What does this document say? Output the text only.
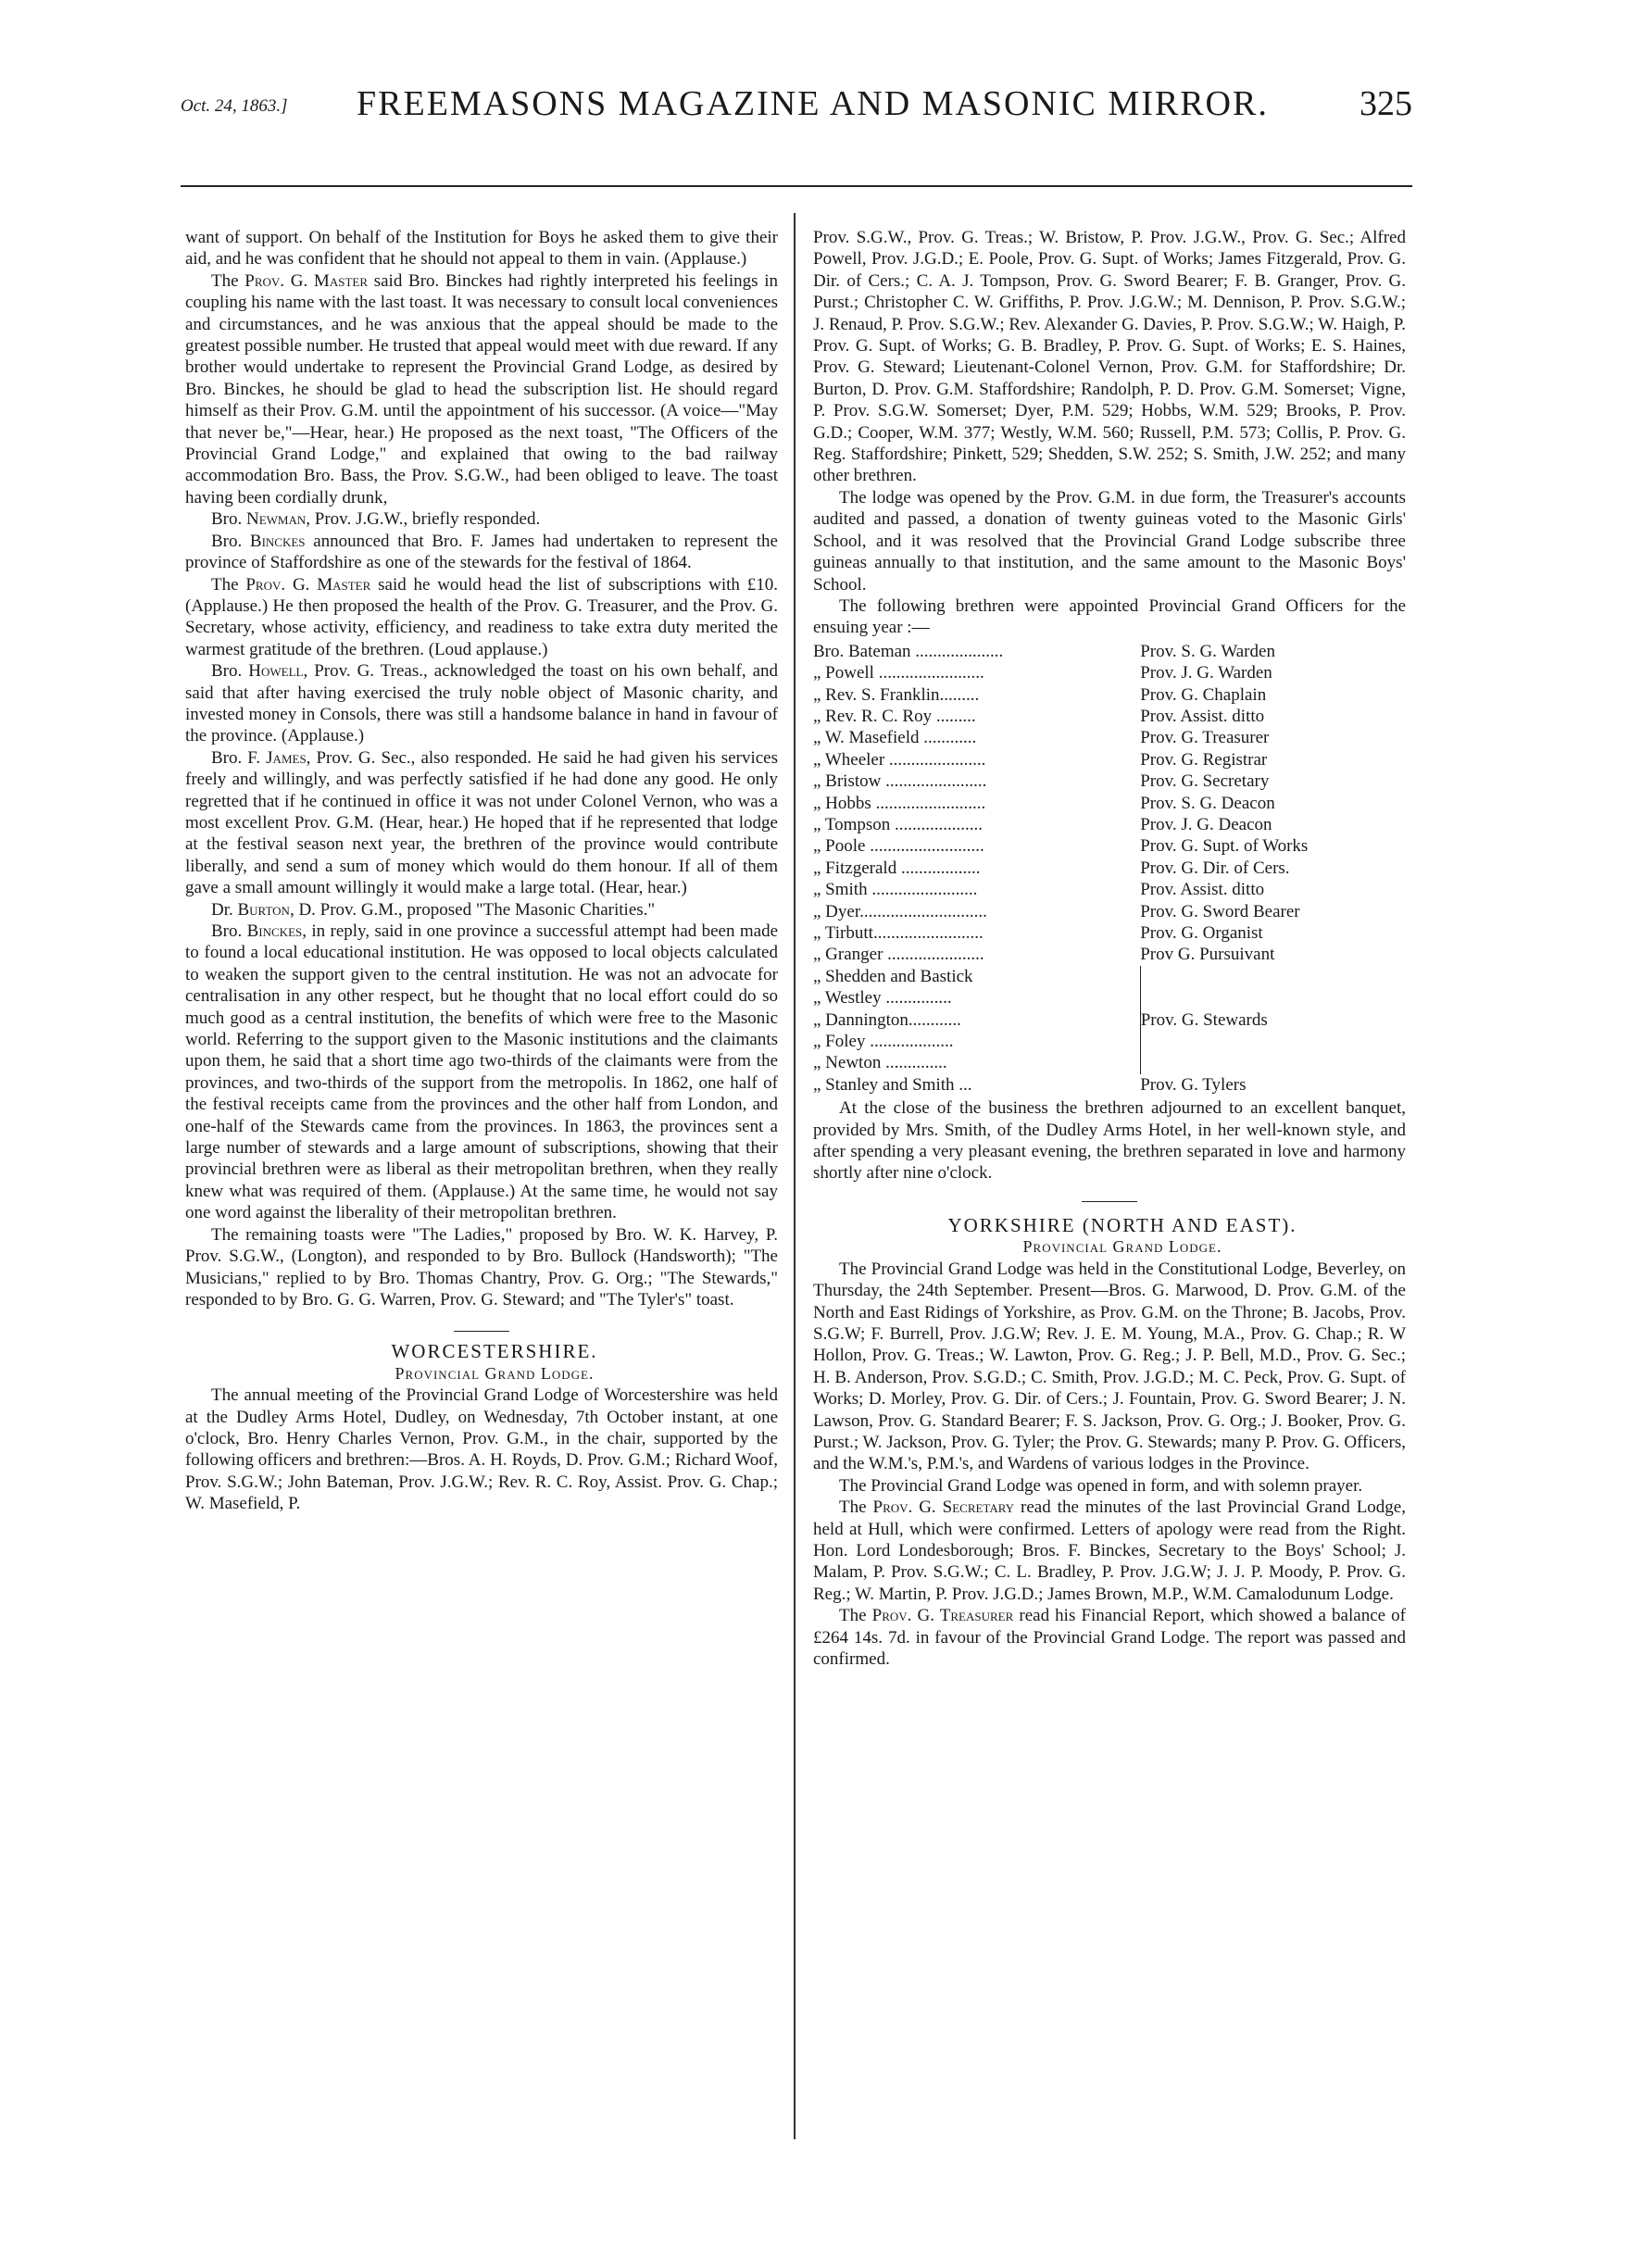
Oct. 24, 1863.] FREEMASONS MAGAZINE AND MASONIC MIRROR.	325

want of support. On behalf of the Institution for Boys he asked them to give their aid, and he was confident that he should not appeal to them in vain. (Applause.)

The Prov. G. Master said Bro. Binckes had rightly interpreted his feelings in coupling his name with the last toast. It was necessary to consult local conveniences and circumstances, and he was anxious that the appeal should be made to the greatest possible number. He trusted that appeal would meet with due reward. If any brother would undertake to represent the Provincial Grand Lodge, as desired by Bro. Binckes, he should be glad to head the subscription list. He should regard himself as their Prov. G.M. until the appointment of his successor. (A voice—"May that never be,"—Hear, hear.) He proposed as the next toast, "The Officers of the Provincial Grand Lodge," and explained that owing to the bad railway accommodation Bro. Bass, the Prov. S.G.W., had been obliged to leave. The toast having been cordially drunk,

Bro. Newman, Prov. J.G.W., briefly responded.

Bro. Binckes announced that Bro. F. James had undertaken to represent the province of Staffordshire as one of the stewards for the festival of 1864.

The Prov. G. Master said he would head the list of subscriptions with £10. (Applause.) He then proposed the health of the Prov. G. Treasurer, and the Prov. G. Secretary, whose activity, efficiency, and readiness to take extra duty merited the warmest gratitude of the brethren. (Loud applause.)

Bro. Howell, Prov. G. Treas., acknowledged the toast on his own behalf, and said that after having exercised the truly noble object of Masonic charity, and invested money in Consols, there was still a handsome balance in hand in favour of the province. (Applause.)

Bro. F. James, Prov. G. Sec., also responded. He said he had given his services freely and willingly, and was perfectly satisfied if he had done any good. He only regretted that if he continued in office it was not under Colonel Vernon, who was a most excellent Prov. G.M. (Hear, hear.) He hoped that if he represented that lodge at the festival season next year, the brethren of the province would contribute liberally, and send a sum of money which would do them honour. If all of them gave a small amount willingly it would make a large total. (Hear, hear.)

Dr. Burton, D. Prov. G.M., proposed "The Masonic Charities."

Bro. Binckes, in reply, said in one province a successful attempt had been made to found a local educational institution. He was opposed to local objects calculated to weaken the support given to the central institution. He was not an advocate for centralisation in any other respect, but he thought that no local effort could do so much good as a central institution, the benefits of which were free to the Masonic world. Referring to the support given to the Masonic institutions and the claimants upon them, he said that a short time ago two-thirds of the claimants were from the provinces, and two-thirds of the support from the metropolis. In 1862, one half of the festival receipts came from the provinces and the other half from London, and one-half of the Stewards came from the provinces. In 1863, the provinces sent a large number of stewards and a large amount of subscriptions, showing that their provincial brethren were as liberal as their metropolitan brethren, when they really knew what was required of them. (Applause.) At the same time, he would not say one word against the liberality of their metropolitan brethren.

The remaining toasts were "The Ladies," proposed by Bro. W. K. Harvey, P. Prov. S.G.W., (Longton), and responded to by Bro. Bullock (Handsworth); "The Musicians," replied to by Bro. Thomas Chantry, Prov. G. Org.; "The Stewards," responded to by Bro. G. G. Warren, Prov. G. Steward; and "The Tyler's" toast.

WORCESTERSHIRE.

Provincial Grand Lodge.

The annual meeting of the Provincial Grand Lodge of Worcestershire was held at the Dudley Arms Hotel, Dudley, on Wednesday, 7th October instant, at one o'clock, Bro. Henry Charles Vernon, Prov. G.M., in the chair, supported by the following officers and brethren:—Bros. A. H. Royds, D. Prov. G.M.; Richard Woof, Prov. S.G.W.; John Bateman, Prov. J.G.W.; Rev. R. C. Roy, Assist. Prov. G. Chap.; W. Masefield, P.

Prov. S.G.W., Prov. G. Treas.; W. Bristow, P. Prov. J.G.W., Prov. G. Sec.; Alfred Powell, Prov. J.G.D.; E. Poole, Prov. G. Supt. of Works; James Fitzgerald, Prov. G. Dir. of Cers.; C. A. J. Tompson, Prov. G. Sword Bearer; F. B. Granger, Prov. G. Purst.; Christopher C. W. Griffiths, P. Prov. J.G.W.; M. Dennison, P. Prov. S.G.W.; J. Renaud, P. Prov. S.G.W.; Rev. Alexander G. Davies, P. Prov. S.G.W.; W. Haigh, P. Prov. G. Supt. of Works; G. B. Bradley, P. Prov. G. Supt. of Works; E. S. Haines, Prov. G. Steward; Lieutenant-Colonel Vernon, Prov. G.M. for Staffordshire; Dr. Burton, D. Prov. G.M. Staffordshire; Randolph, P. D. Prov. G.M. Somerset; Vigne, P. Prov. S.G.W. Somerset; Dyer, P.M. 529; Hobbs, W.M. 529; Brooks, P. Prov. G.D.; Cooper, W.M. 377; Westly, W.M. 560; Russell, P.M. 573; Collis, P. Prov. G. Reg. Staffordshire; Pinkett, 529; Shedden, S.W. 252; S. Smith, J.W. 252; and many other brethren.

The lodge was opened by the Prov. G.M. in due form, the Treasurer's accounts audited and passed, a donation of twenty guineas voted to the Masonic Girls' School, and it was resolved that the Provincial Grand Lodge subscribe three guineas annually to that institution, and the same amount to the Masonic Boys' School.

The following brethren were appointed Provincial Grand Officers for the ensuing year :—

Bro. Bateman ....................	Prov. S. G. Warden
„ Powell ........................	Prov. J. G. Warden
„ Rev. S. Franklin.........	Prov. G. Chaplain
„ Rev. R. C. Roy .........	Prov. Assist. ditto
„ W. Masefield ............	Prov. G. Treasurer
„ Wheeler ......................	Prov. G. Registrar
„ Bristow .......................	Prov. G. Secretary
„ Hobbs .........................	Prov. S. G. Deacon
„ Tompson ....................	Prov. J. G. Deacon
„ Poole ..........................	Prov. G. Supt. of Works
„ Fitzgerald ..................	Prov. G. Dir. of Cers.
„ Smith ........................	Prov. Assist. ditto
„ Dyer.............................	Prov. G. Sword Bearer
„ Tirbutt.........................	Prov. G. Organist
„ Granger ......................	Prov G. Pursuivant
„ Shedden and Bastick	
„ Westley ...............	
„ Dannington............	Prov. G. Stewards
„ Foley ...................	
„ Newton ..............	
„ Stanley and Smith ...	Prov. G. Tylers

At the close of the business the brethren adjourned to an excellent banquet, provided by Mrs. Smith, of the Dudley Arms Hotel, in her well-known style, and after spending a very pleasant evening, the brethren separated in love and harmony shortly after nine o'clock.

YORKSHIRE (NORTH AND EAST).

Provincial Grand Lodge.

The Provincial Grand Lodge was held in the Constitutional Lodge, Beverley, on Thursday, the 24th September. Present—Bros. G. Marwood, D. Prov. G.M. of the North and East Ridings of Yorkshire, as Prov. G.M. on the Throne; B. Jacobs, Prov. S.G.W; F. Burrell, Prov. J.G.W; Rev. J. E. M. Young, M.A., Prov. G. Chap.; R. W Hollon, Prov. G. Treas.; W. Lawton, Prov. G. Reg.; J. P. Bell, M.D., Prov. G. Sec.; H. B. Anderson, Prov. S.G.D.; C. Smith, Prov. J.G.D.; M. C. Peck, Prov. G. Supt. of Works; D. Morley, Prov. G. Dir. of Cers.; J. Fountain, Prov. G. Sword Bearer; J. N. Lawson, Prov. G. Standard Bearer; F. S. Jackson, Prov. G. Org.; J. Booker, Prov. G. Purst.; W. Jackson, Prov. G. Tyler; the Prov. G. Stewards; many P. Prov. G. Officers, and the W.M.'s, P.M.'s, and Wardens of various lodges in the Province.

The Provincial Grand Lodge was opened in form, and with solemn prayer.

The Prov. G. Secretary read the minutes of the last Provincial Grand Lodge, held at Hull, which were confirmed. Letters of apology were read from the Right. Hon. Lord Londesborough; Bros. F. Binckes, Secretary to the Boys' School; J. Malam, P. Prov. S.G.W.; C. L. Bradley, P. Prov. J.G.W; J. J. P. Moody, P. Prov. G. Reg.; W. Martin, P. Prov. J.G.D.; James Brown, M.P., W.M. Camalodunum Lodge.

The Prov. G. Treasurer read his Financial Report, which showed a balance of £264 14s. 7d. in favour of the Provincial Grand Lodge. The report was passed and confirmed.
